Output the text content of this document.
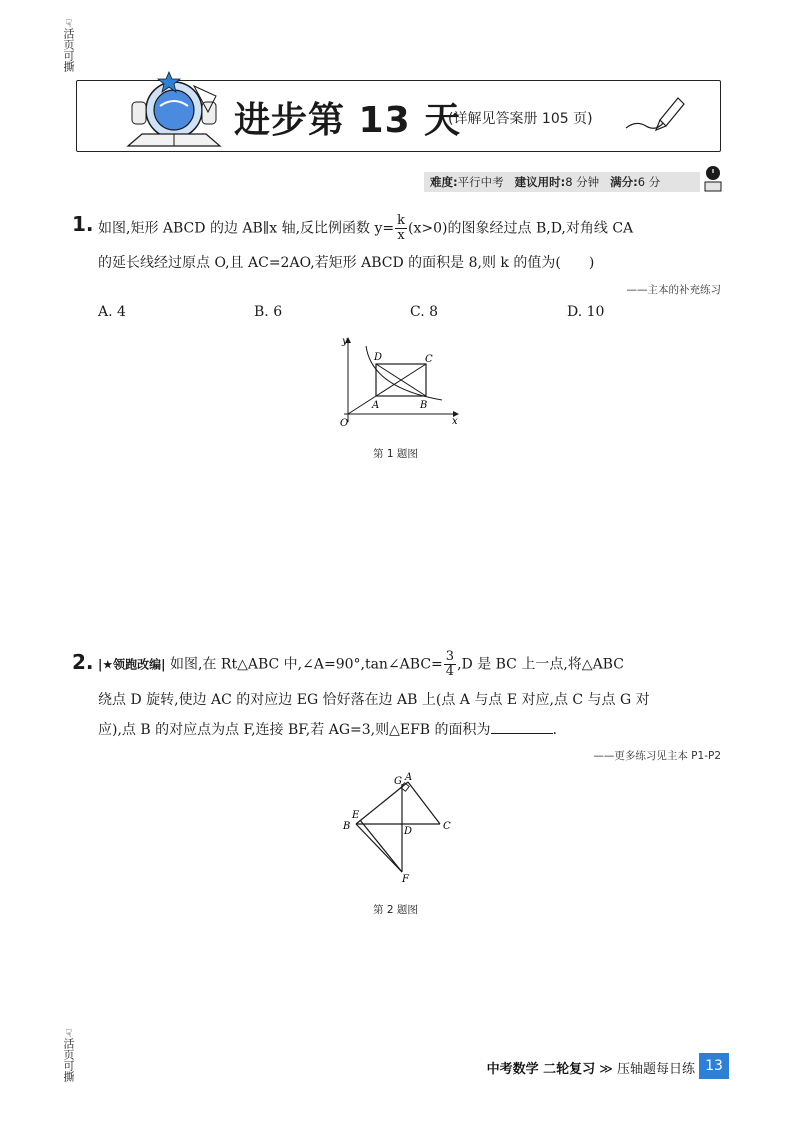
☞活页可撕
☞活页可撕
进步第 13 天
(详解见答案册 105 页)
难度:平行中考 建议用时:8 分钟 满分:6 分
1. 如图,矩形 ABCD 的边 AB∥x 轴,反比例函数 $y= \frac{k}{x} (x>0)$的图象经过点 B,D,对角线 CA
的延长线经过原点 O,且 AC=2AO,若矩形 ABCD 的面积是 8,则 k 的值为(　　)
——主本的补充练习
A. 4	B. 6	C. 8	D. 10
y
x
O
A	B
C
D
第 1 题图
2. |★领跑改编| 如图,在 Rt△ABC 中,∠A=90°,tan∠ABC= $\frac{3}{4} ,D$ 是 BC 上一点,将△ABC
绕点 D 旋转,使边 AC 的对应边 EG 恰好落在边 AB 上(点 A 与点 E 对应,点 C 与点 G 对
应),点 B 的对应点为点 F,连接 BF,若 AG=3,则△EFB 的面积为	.
——更多练习见主本 P1-P2
G A
E
B	D	C
F
第 2 题图
中考数学 二轮复习 ≫ 压轴题每日练 13
